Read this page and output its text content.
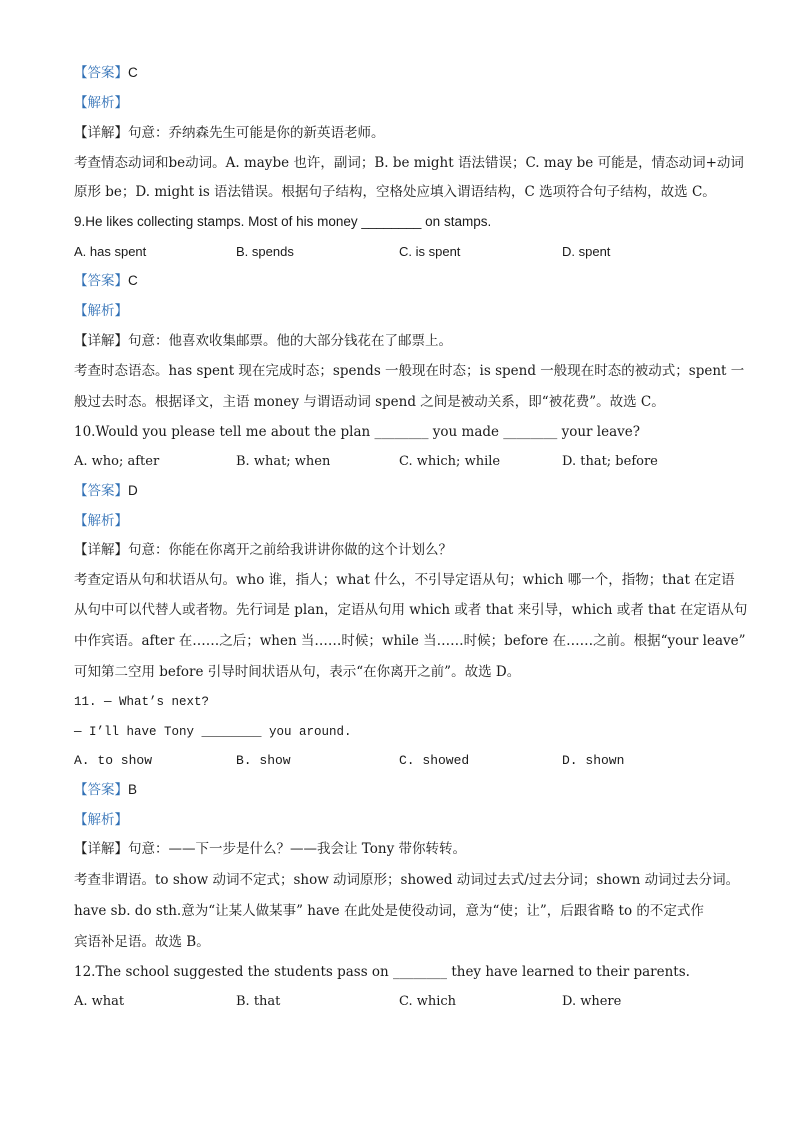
【答案】C
【解析】
【详解】句意：乔纳森先生可能是你的新英语老师。
考查情态动词和be动词。A. maybe 也许，副词；B. be might 语法错误；C. may be 可能是，情态动词+动词
原形 be；D. might is 语法错误。根据句子结构，空格处应填入谓语结构，C 选项符合句子结构，故选 C。
9.He likes collecting stamps. Most of his money ________ on stamps.
A. has spent	B. spends	C. is spent	D. spent
【答案】C
【解析】
【详解】句意：他喜欢收集邮票。他的大部分钱花在了邮票上。
考查时态语态。has spent 现在完成时态；spends 一般现在时态；is spend 一般现在时态的被动式；spent 一
般过去时态。根据译文，主语 money 与谓语动词 spend 之间是被动关系，即“被花费”。故选 C。
10.Would you please tell me about the plan ________ you made ________ your leave?
A. who; after	B. what; when	C. which; while	D. that; before
【答案】D
【解析】
【详解】句意：你能在你离开之前给我讲讲你做的这个计划么？
考查定语从句和状语从句。who 谁，指人；what 什么，不引导定语从句；which 哪一个，指物；that 在定语
从句中可以代替人或者物。先行词是 plan，定语从句用 which 或者 that 来引导，which 或者 that 在定语从句
中作宾语。after 在……之后；when 当……时候；while 当……时候；before 在……之前。根据“your leave”
可知第二空用 before 引导时间状语从句，表示“在你离开之前”。故选 D。
11. — What’s next?
— I’ll have Tony ________ you around.
A. to show	B. show	C. showed	D. shown
【答案】B
【解析】
【详解】句意：——下一步是什么？——我会让 Tony 带你转转。
考查非谓语。to show 动词不定式；show 动词原形；showed 动词过去式/过去分词；shown 动词过去分词。
have sb. do sth.意为“让某人做某事” have 在此处是使役动词，意为“使；让”，后跟省略 to 的不定式作
宾语补足语。故选 B。
12.The school suggested the students pass on ________ they have learned to their parents.
A. what	B. that	C. which	D. where
